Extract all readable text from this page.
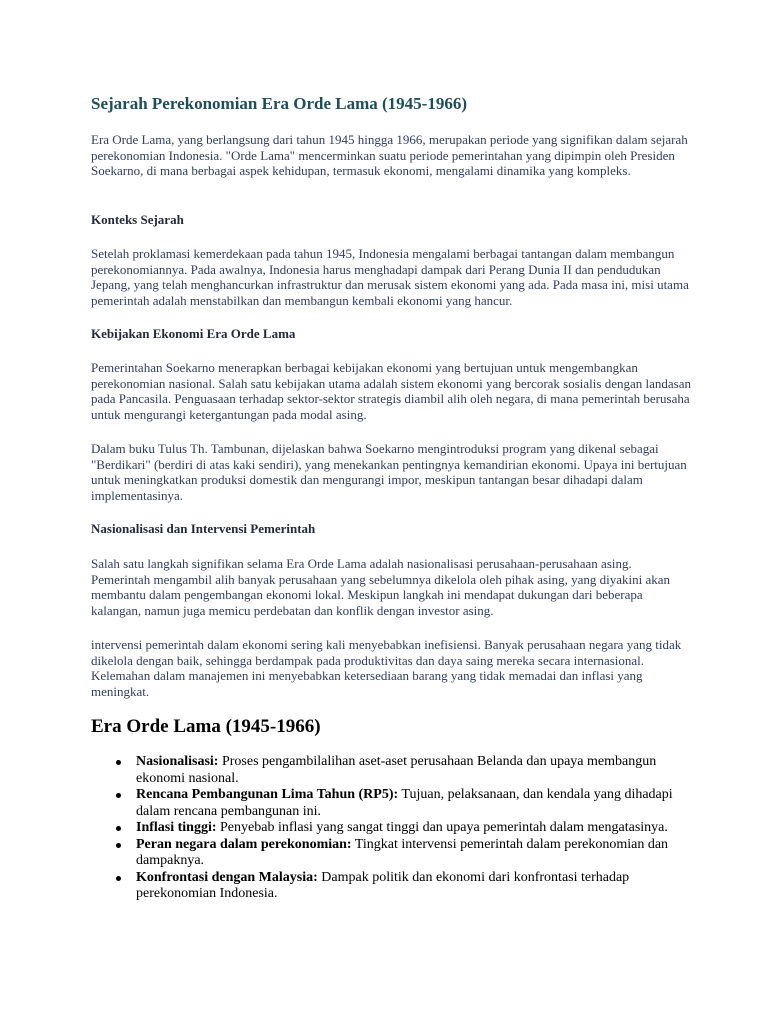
Sejarah Perekonomian Era Orde Lama (1945-1966)

Era Orde Lama, yang berlangsung dari tahun 1945 hingga 1966, merupakan periode yang signifikan dalam sejarah perekonomian Indonesia. "Orde Lama" mencerminkan suatu periode pemerintahan yang dipimpin oleh Presiden Soekarno, di mana berbagai aspek kehidupan, termasuk ekonomi, mengalami dinamika yang kompleks.

Konteks Sejarah

Setelah proklamasi kemerdekaan pada tahun 1945, Indonesia mengalami berbagai tantangan dalam membangun perekonomiannya. Pada awalnya, Indonesia harus menghadapi dampak dari Perang Dunia II dan pendudukan Jepang, yang telah menghancurkan infrastruktur dan merusak sistem ekonomi yang ada. Pada masa ini, misi utama pemerintah adalah menstabilkan dan membangun kembali ekonomi yang hancur.

Kebijakan Ekonomi Era Orde Lama

Pemerintahan Soekarno menerapkan berbagai kebijakan ekonomi yang bertujuan untuk mengembangkan perekonomian nasional. Salah satu kebijakan utama adalah sistem ekonomi yang bercorak sosialis dengan landasan pada Pancasila. Penguasaan terhadap sektor-sektor strategis diambil alih oleh negara, di mana pemerintah berusaha untuk mengurangi ketergantungan pada modal asing.

Dalam buku Tulus Th. Tambunan, dijelaskan bahwa Soekarno mengintroduksi program yang dikenal sebagai "Berdikari" (berdiri di atas kaki sendiri), yang menekankan pentingnya kemandirian ekonomi. Upaya ini bertujuan untuk meningkatkan produksi domestik dan mengurangi impor, meskipun tantangan besar dihadapi dalam implementasinya.

Nasionalisasi dan Intervensi Pemerintah

Salah satu langkah signifikan selama Era Orde Lama adalah nasionalisasi perusahaan-perusahaan asing. Pemerintah mengambil alih banyak perusahaan yang sebelumnya dikelola oleh pihak asing, yang diyakini akan membantu dalam pengembangan ekonomi lokal. Meskipun langkah ini mendapat dukungan dari beberapa kalangan, namun juga memicu perdebatan dan konflik dengan investor asing.

intervensi pemerintah dalam ekonomi sering kali menyebabkan inefisiensi. Banyak perusahaan negara yang tidak dikelola dengan baik, sehingga berdampak pada produktivitas dan daya saing mereka secara internasional. Kelemahan dalam manajemen ini menyebabkan ketersediaan barang yang tidak memadai dan inflasi yang meningkat.

Era Orde Lama (1945-1966)
Nasionalisasi: Proses pengambilalihan aset-aset perusahaan Belanda dan upaya membangun ekonomi nasional.
Rencana Pembangunan Lima Tahun (RP5): Tujuan, pelaksanaan, dan kendala yang dihadapi dalam rencana pembangunan ini.
Inflasi tinggi: Penyebab inflasi yang sangat tinggi dan upaya pemerintah dalam mengatasinya.
Peran negara dalam perekonomian: Tingkat intervensi pemerintah dalam perekonomian dan dampaknya.
Konfrontasi dengan Malaysia: Dampak politik dan ekonomi dari konfrontasi terhadap perekonomian Indonesia.
